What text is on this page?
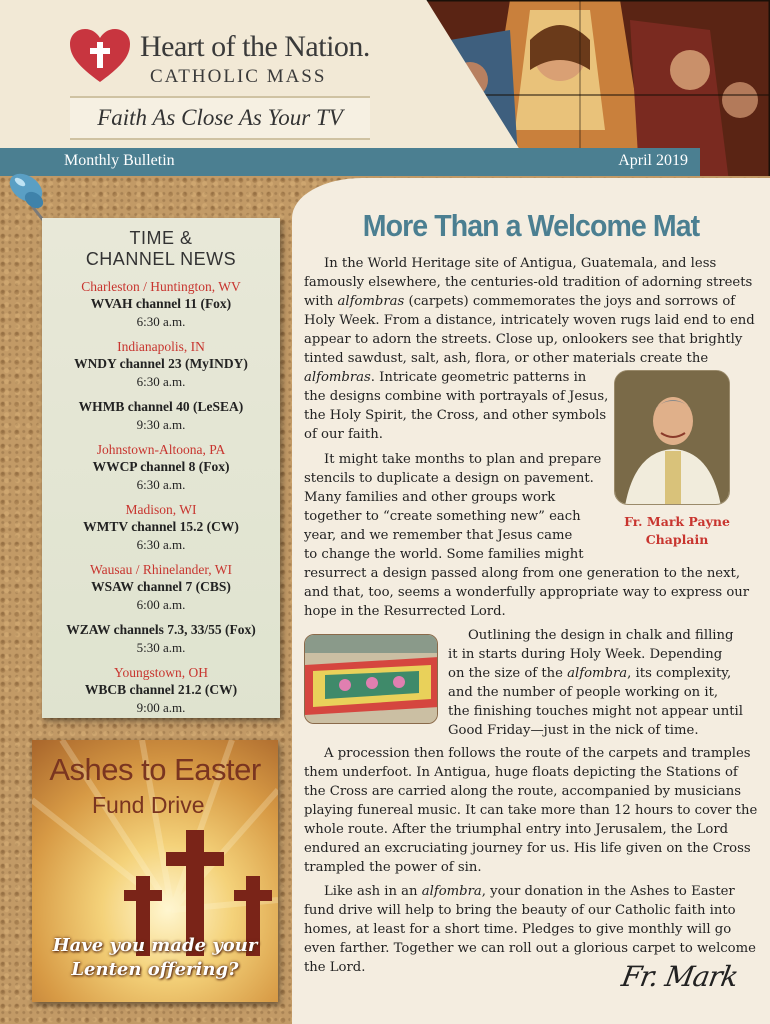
Heart of the Nation.
CATHOLIC MASS
Faith As Close As Your TV
Monthly Bulletin	April 2019
TIME &
CHANNEL NEWS
Charleston / Huntington, WV
WVAH channel 11 (Fox)
6:30 a.m.
Indianapolis, IN
WNDY channel 23 (MyINDY)
6:30 a.m.
WHMB channel 40 (LeSEA)
9:30 a.m.
Johnstown-Altoona, PA
WWCP channel 8 (Fox)
6:30 a.m.
Madison, WI
WMTV channel 15.2 (CW)
6:30 a.m.
Wausau / Rhinelander, WI
WSAW channel 7 (CBS)
6:00 a.m.
WZAW channels 7.3, 33/55 (Fox)
5:30 a.m.
Youngstown, OH
WBCB channel 21.2 (CW)
9:00 a.m.
Ashes to Easter
Fund Drive
Have you made your
Lenten offering?
More Than a Welcome Mat
In the World Heritage site of Antigua, Guatemala, and less
famously elsewhere, the centuries-old tradition of adorning streets
with alfombras (carpets) commemorates the joys and sorrows of
Holy Week. From a distance, intricately woven rugs laid end to end
appear to adorn the streets. Close up, onlookers see that brightly
tinted sawdust, salt, ash, flora, or other materials create the
alfombras. Intricate geometric patterns in
the designs combine with portrayals of Jesus,
the Holy Spirit, the Cross, and other symbols
of our faith.
Fr. Mark Payne
Chaplain
It might take months to plan and prepare
stencils to duplicate a design on pavement.
Many families and other groups work
together to “create something new” each
year, and we remember that Jesus came
to change the world. Some families might
resurrect a design passed along from one generation to the next,
and that, too, seems a wonderfully appropriate way to express our
hope in the Resurrected Lord.
Outlining the design in chalk and filling
it in starts during Holy Week. Depending
on the size of the alfombra, its complexity,
and the number of people working on it,
the finishing touches might not appear until
Good Friday—just in the nick of time.
A procession then follows the route of the carpets and tramples
them underfoot. In Antigua, huge floats depicting the Stations of
the Cross are carried along the route, accompanied by musicians
playing funereal music. It can take more than 12 hours to cover the
whole route. After the triumphal entry into Jerusalem, the Lord
endured an excruciating journey for us. His life given on the Cross
trampled the power of sin.
Like ash in an alfombra, your donation in the Ashes to Easter
fund drive will help to bring the beauty of our Catholic faith into
homes, at least for a short time. Pledges to give monthly will go
even farther. Together we can roll out a glorious carpet to welcome
the Lord.	Fr. Mark
